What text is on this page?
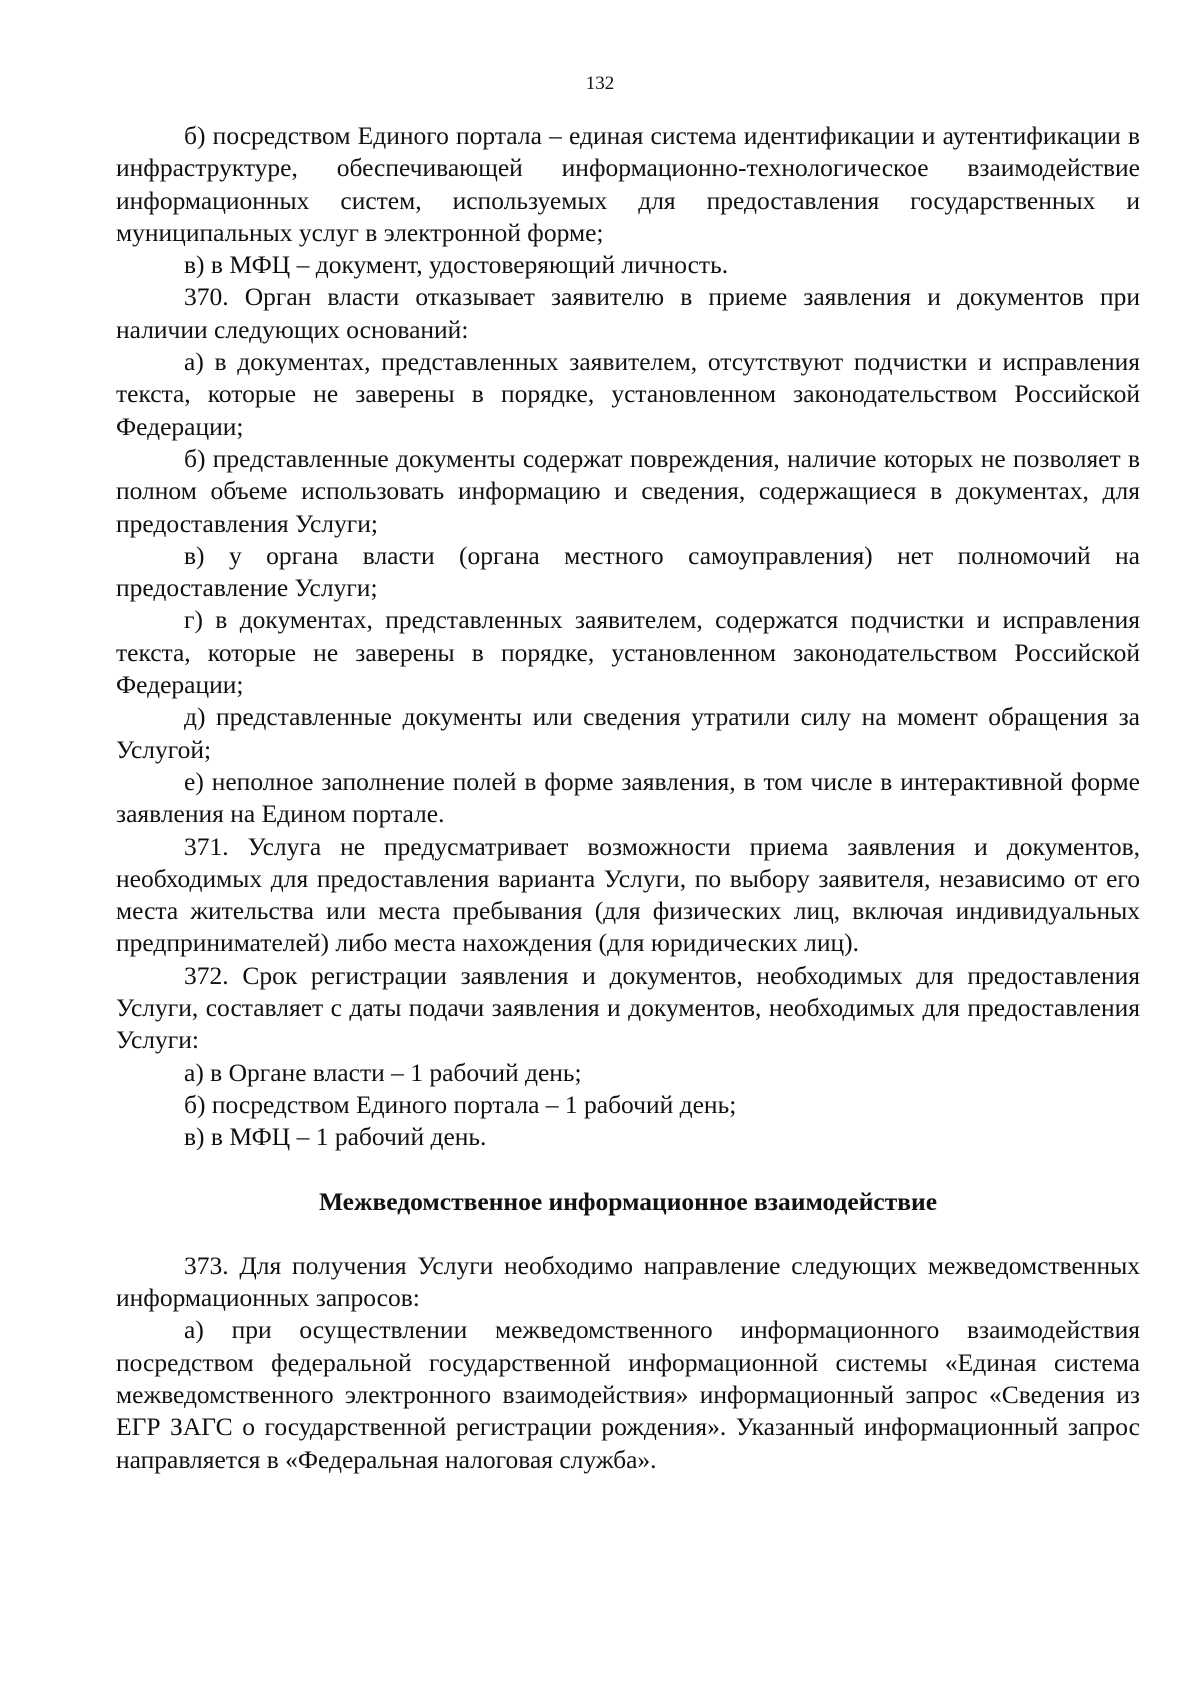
132

б) посредством Единого портала – единая система идентификации и аутентификации в инфраструктуре, обеспечивающей информационно-технологическое взаимодействие информационных систем, используемых для предоставления государственных и муниципальных услуг в электронной форме;

в) в МФЦ – документ, удостоверяющий личность.

370. Орган власти отказывает заявителю в приеме заявления и документов при наличии следующих оснований:

а) в документах, представленных заявителем, отсутствуют подчистки и исправления текста, которые не заверены в порядке, установленном законодательством Российской Федерации;

б) представленные документы содержат повреждения, наличие которых не позволяет в полном объеме использовать информацию и сведения, содержащиеся в документах, для предоставления Услуги;

в) у органа власти (органа местного самоуправления) нет полномочий на предоставление Услуги;

г) в документах, представленных заявителем, содержатся подчистки и исправления текста, которые не заверены в порядке, установленном законодательством Российской Федерации;

д) представленные документы или сведения утратили силу на момент обращения за Услугой;

е) неполное заполнение полей в форме заявления, в том числе в интерактивной форме заявления на Едином портале.

371. Услуга не предусматривает возможности приема заявления и документов, необходимых для предоставления варианта Услуги, по выбору заявителя, независимо от его места жительства или места пребывания (для физических лиц, включая индивидуальных предпринимателей) либо места нахождения (для юридических лиц).

372. Срок регистрации заявления и документов, необходимых для предоставления Услуги, составляет с даты подачи заявления и документов, необходимых для предоставления Услуги:

а) в Органе власти – 1 рабочий день;

б) посредством Единого портала – 1 рабочий день;

в) в МФЦ – 1 рабочий день.

Межведомственное информационное взаимодействие

373. Для получения Услуги необходимо направление следующих межведомственных информационных запросов:

а) при осуществлении межведомственного информационного взаимодействия посредством федеральной государственной информационной системы «Единая система межведомственного электронного взаимодействия» информационный запрос «Сведения из ЕГР ЗАГС о государственной регистрации рождения». Указанный информационный запрос направляется в «Федеральная налоговая служба».
